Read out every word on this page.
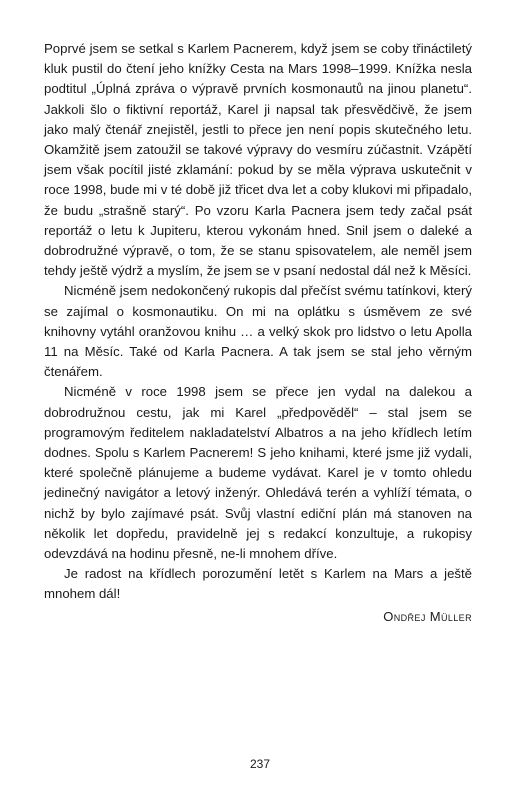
Poprvé jsem se setkal s Karlem Pacnerem, když jsem se coby třináctiletý kluk pustil do čtení jeho knížky Cesta na Mars 1998–1999. Knížka nesla podtitul „Úplná zpráva o výpravě prvních kosmonautů na jinou planetu“. Jakkoli šlo o fiktivní reportáž, Karel ji napsal tak přesvědčivě, že jsem jako malý čtenář znejistěl, jestli to přece jen není popis skutečného letu. Okamžitě jsem zatoužil se takové výpravy do vesmíru zúčastnit. Vzápětí jsem však pocítil jisté zklamání: pokud by se měla výprava uskutečnit v roce 1998, bude mi v té době již třicet dva let a coby klukovi mi připadalo, že budu „strašně starý“. Po vzoru Karla Pacnera jsem tedy začal psát reportáž o letu k Jupiteru, kterou vykonám hned. Snil jsem o daleké a dobrodružné výpravě, o tom, že se stanu spisovatelem, ale neměl jsem tehdy ještě výdrž a myslím, že jsem se v psaní nedostal dál než k Měsíci.

Nicméně jsem nedokončený rukopis dal přečíst svému tatínkovi, který se zajímal o kosmonautiku. On mi na oplátku s úsměvem ze své knihovny vytáhl oranžovou knihu … a velký skok pro lidstvo o letu Apolla 11 na Měsíc. Také od Karla Pacnera. A tak jsem se stal jeho věrným čtenářem.

Nicméně v roce 1998 jsem se přece jen vydal na dalekou a dobrodružnou cestu, jak mi Karel „předpověděl“ – stal jsem se programovým ředitelem nakladatelství Albatros a na jeho křídlech letím dodnes. Spolu s Karlem Pacnerem! S jeho knihami, které jsme již vydali, které společně plánujeme a budeme vydávat. Karel je v tomto ohledu jedinečný navigátor a letový inženýr. Ohledává terén a vyhlíží témata, o nichž by bylo zajímavé psát. Svůj vlastní ediční plán má stanoven na několik let dopředu, pravidelně jej s redakcí konzultuje, a rukopisy odevzdává na hodinu přesně, ne-li mnohem dříve.

Je radost na křídlech porozumění letět s Karlem na Mars a ještě mnohem dál!

Ondřej Müller
237
